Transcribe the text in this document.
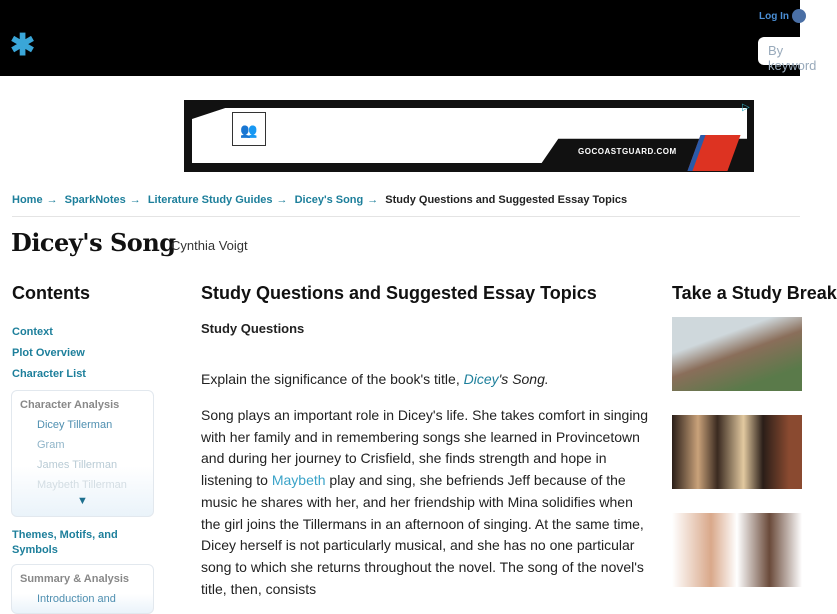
✱
Log In
By keyword
👥
GOCOASTGUARD.COM
▷
Home → SparkNotes → Literature Study Guides → Dicey's Song → Study Questions and Suggested Essay Topics
Dicey's Song
Cynthia Voigt
Contents
Context
Plot Overview
Character List
Character Analysis
Dicey Tillerman
Gram
James Tillerman
Maybeth Tillerman
▼
Themes, Motifs, and Symbols
Summary & Analysis
Introduction and
Study Questions and Suggested Essay Topics
Study Questions
Explain the significance of the book's title, Dicey's Song.
Song plays an important role in Dicey's life. She takes comfort in singing with her family and in remembering songs she learned in Provincetown and during her journey to Crisfield, she finds strength and hope in listening to Maybeth play and sing, she befriends Jeff because of the music he shares with her, and her friendship with Mina solidifies when the girl joins the Tillermans in an afternoon of singing. At the same time, Dicey herself is not particularly musical, and she has no one particular song to which she returns throughout the novel. The song of the novel's title, then, consists
Take a Study Break
